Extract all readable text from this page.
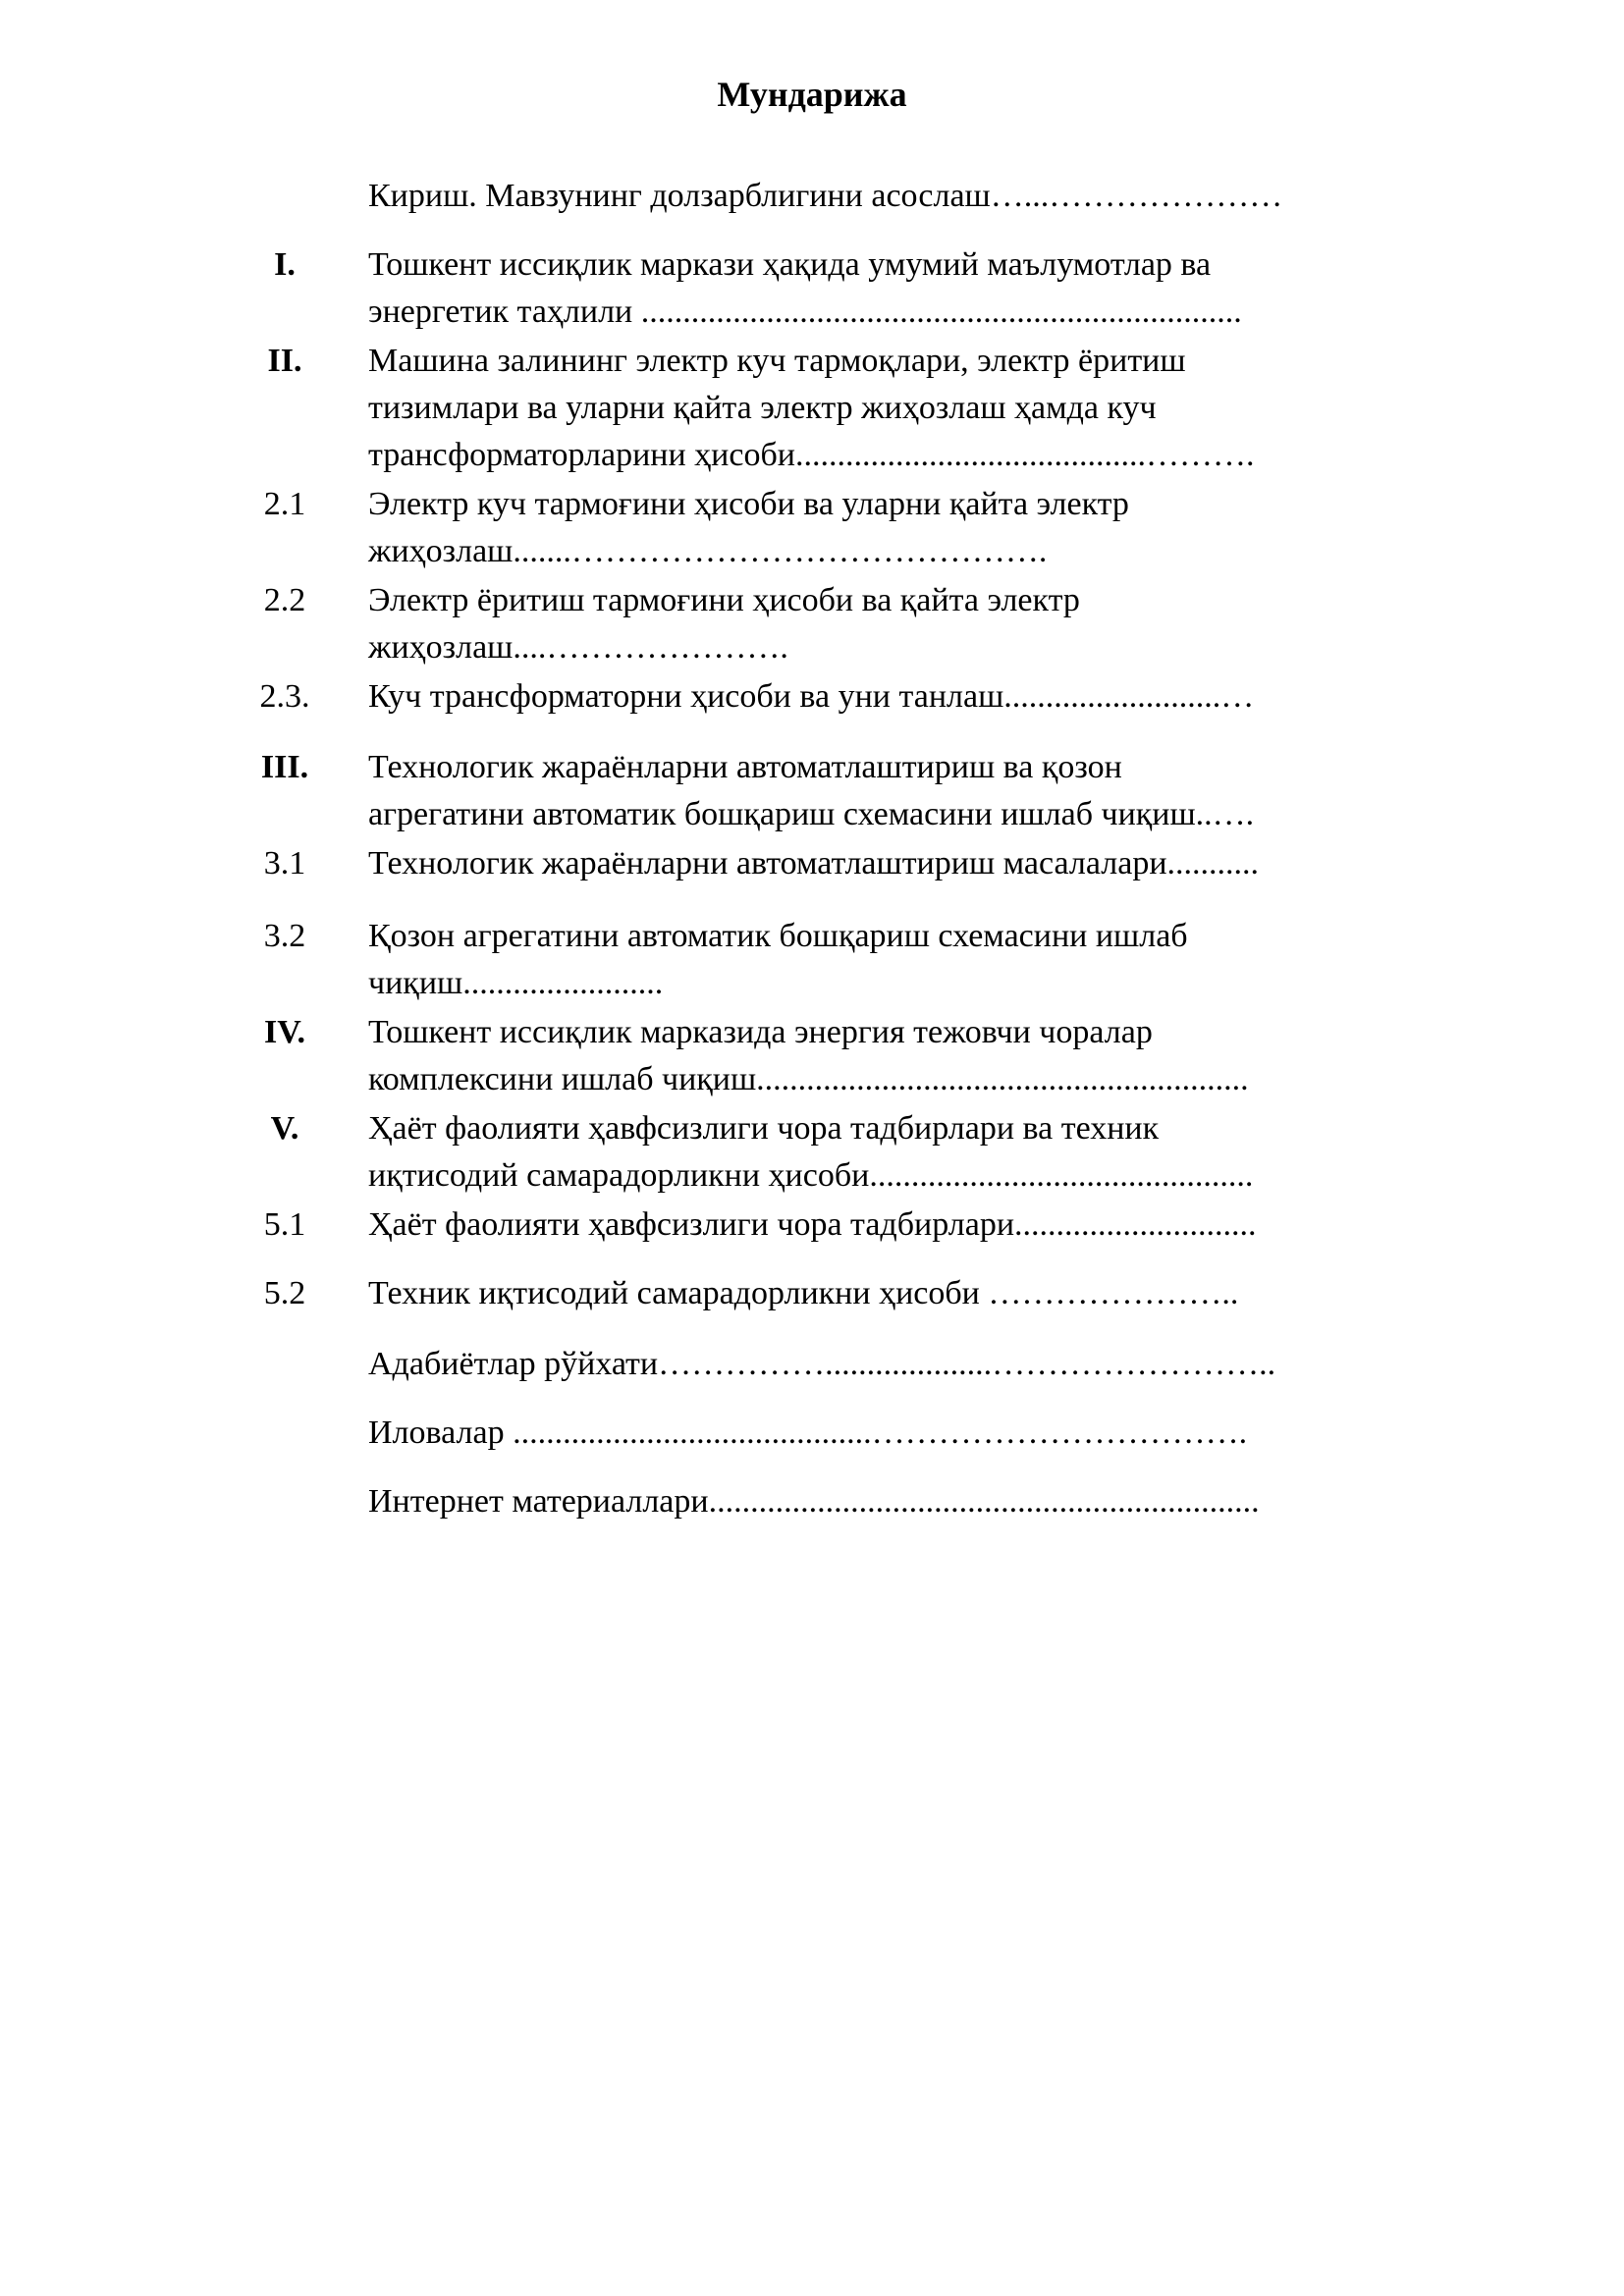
Мундарижа
Кириш. Мавзунинг долзарблигини асослаш…...…………………
I.	Тошкент иссиқлик маркази ҳақида умумий маълумотлар ва
энергетик таҳлили ........................................................................
II.	Машина залининг электр куч тармоқлари, электр ёритиш
тизимлари ва уларни қайта электр жиҳозлаш ҳамда куч
трансформаторларини ҳисоби..........................................……….
2.1	Электр куч тармоғини ҳисоби ва уларни қайта электр
жиҳозлаш.......…………………………………….
2.2	Электр ёритиш тармоғини ҳисоби ва қайта электр
жиҳозлаш....………………….
2.3.	Куч трансформаторни ҳисоби ва уни танлаш..........................…
III.	Технологик жараёнларни автоматлаштириш ва қозон
агрегатини автоматик бошқариш схемасини ишлаб чиқиш..….
3.1	Технологик жараёнларни автоматлаштириш масалалари...........
3.2	Қозон агрегатини автоматик бошқариш схемасини ишлаб
чиқиш........................
IV.	Тошкент иссиқлик марказида энергия тежовчи чоралар
комплексини ишлаб чиқиш...........................................................
V.	Ҳаёт фаолияти ҳавфсизлиги чора тадбирлари ва техник
иқтисодий самарадорликни ҳисоби..............................................
5.1	Ҳаёт фаолияти ҳавфсизлиги чора тадбирлари.............................
5.2	Техник иқтисодий самарадорликни ҳисоби …………………..
Адабиётлар рўйхати……………....................……………………..
Иловалар ...........................................…………………………….
Интернет материаллари..................................................................
